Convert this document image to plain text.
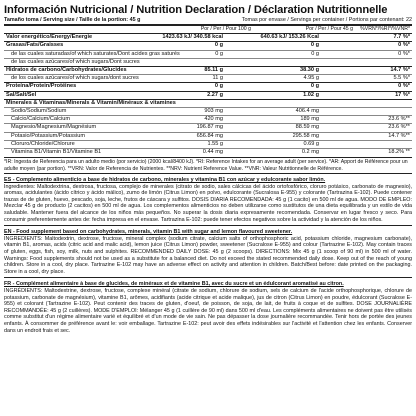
Información Nutricional / Nutrition Declaration / Déclaration Nutritionnelle
Tamaño toma / Serving size / Taille de la portion: 45 g	Tomas por envase / Servings per container / Portions par contenant: 22
	Por / Per / Pour 100 g		Por / Per / Pour 45 g		%VRN*/%RI*/%VNR*
Valor energético/Energy/Energie	1423.63 kJ/ 340.58 kcal		640.63 kJ/ 153.26 Kcal		7.7 %*
Grasas/Fats/Graisses	0 g		0 g		0 %*
de las cuales saturadas/of which saturates/Dont acides gras saturés	0 g		0 g		0 %*
de las cuales azúcares/of which sugars/Dont sucres					
Hidratos de carbono/Carbohydrates/Glucides	85.11 g		38.30 g		14.7 %*
de los cuales azúcares/of which sugars/dont sucres	11 g		4.95 g		5.5 %*
Proteína/Protein/Protéines	0 g		0 g		0 %*
Sal/Salt/Sel	2.27 g		1.02 g		17 %*
Minerales & Vitaminas/Minerals & Vitamin/Minéraux & vitamines					
Sodio/Sodium/Sodium	903 mg		406.4 mg		
Calcio/Calcium/Calcium	420 mg		189 mg		23.6 %**
Magnesio/Magnesium/Magnésium	196.87 mg		88.59 mg		23.6 %**
Potasio/Potassium/Potassium	656.84 mg		295.58 mg		14.7 %**
Cloruro/Chloride/Chlorure	1.55 g		0.69 g		
Vitamina B1/Vitamin B1/Vitamine B1	0.44 mg		0.2 mg		18.2% **
*IR: Ingesta de Referencia para un adulto medio (por servicio) (2000 kcal/8400 kJ). *RI: Reference Intakes for an average adult (per service). *AR: Apport de Référence pour un adulte moyen (par portion). **VRN: Valor de Referencia de Nutrientes. **NRV: Nutrient Reference Value. **VNR: Valeur Nutritionnelle de Référence.
ES - Complemento alimenticio a base de hidratos de carbono, minerales y vitamina B1 con azúcar y edulcorante sabor limón.
Ingredientes: Maltodextrina, dextrosa, fructosa, complejo de minerales (citrato de sodio, sales cálcicas del ácido ortofosfórico, cloruro potásico, carbonato de magnesio), aromas, acidulantes (ácido cítrico y ácido málico), zumo de limón (Citrus Limon) en polvo, edulcorante (Sucralosa E-955) y colorante (Tartrazina E-102). Puede contener trazas de de gluten, huevo, pescado, soja, leche, frutos de cáscara y sulfitos. DOSIS DIARIA RECOMENDADA: 45 g (1 cacito) en 500 ml de agua. MODO DE EMPLEO: Mezclar 45 g de producto (2 cacitos) en 500 ml de agua. Los complementos alimenticios no deben utilizarse como sustitutos de una dieta equilibrada y un estilo de vida saludable. Mantener fuera del alcance de los niños más pequeños. No superar la dosis diaria expresamente recomendada. Conservar en lugar fresco y seco. Para consumir preferentemente antes de: fecha impresa en el envase. Tartrazina E-102: puede tener efectos negativos sobre la actividad y la atención de los niños.
EN - Food supplement based on carbohydrates, minerals, vitamin B1 with sugar and lemon flavoured sweetener.
INGREDIENTS: Maltodextrin, dextrose, fructose, mineral complex (sodium citrate, calcium salts of orthophosphoric acid, potassium chloride, magnesium carbonate), vitamin B1, aromas, acids (citric acid and malic acid), lemon juice (Citrus Limon) powder, sweetener (Sucralose E-955) and colour (Tartrazine E-102). May contain traces of gluten, eggs, fish, soy, milk, nuts and sulphites. RECOMMENDED DAILY DOSE: 45 g (2 scoops). DIRECTIONS: Mix 45 g (1 scoop of 90 ml) in 500 ml of water. Warnings: Food supplements should not be used as a substitute for a balanced diet. Do not exceed the stated recommended daily dose. Keep out of the reach of young children. Store in a cool, dry place. Tartrazine E-102 may have an adverse effect on activity and attention in children. Batch/Best before: date printed on the packaging. Store in a cool, dry place.
FR - Complément alimentaire à base de glucides, de minéraux et de vitamine B1, avec du sucre et un édulcorant aromatisé au citron.
INGRÉDIENTS: Maltodextrine, dextrose, fructose, complexe minéral (citrate de sodium, chlorure de sodium, sels de calcium de l'acide orthophosphorique, chlorure de potassium, carbonate de magnésium), vitamine B1, arômes, acidifiants (acide citrique et acide malique), jus de citron (Citrus Limon) en poudre, édulcorant (Sucralose E-955) et colorant (Tartrazine E-102). Peut contenir des traces de gluten, d'oeuf, de poisson, de soja, de lait, de fruits à coque et de sulfites. DOSE JOURNALIÈRE RECOMMANDÉE: 45 g (2 cuillères). MODE D'EMPLOI: Mélanger 45 g (1 cuillère de 90 ml) dans 500 ml d'eau. Les compléments alimentaires ne doivent pas être utilisés comme substitut d'un régime alimentaire varié et équilibré et d'un mode de vie sain. Ne pas dépasser la dose journalière recommandée. Tenir hors de portée des jeunes enfants. À consommer de préférence avant le: voir emballage. Tartrazine E-102: peut avoir des effets indésirables sur l'activité et l'attention chez les enfants. Conserver dans un endroit frais et sec.
